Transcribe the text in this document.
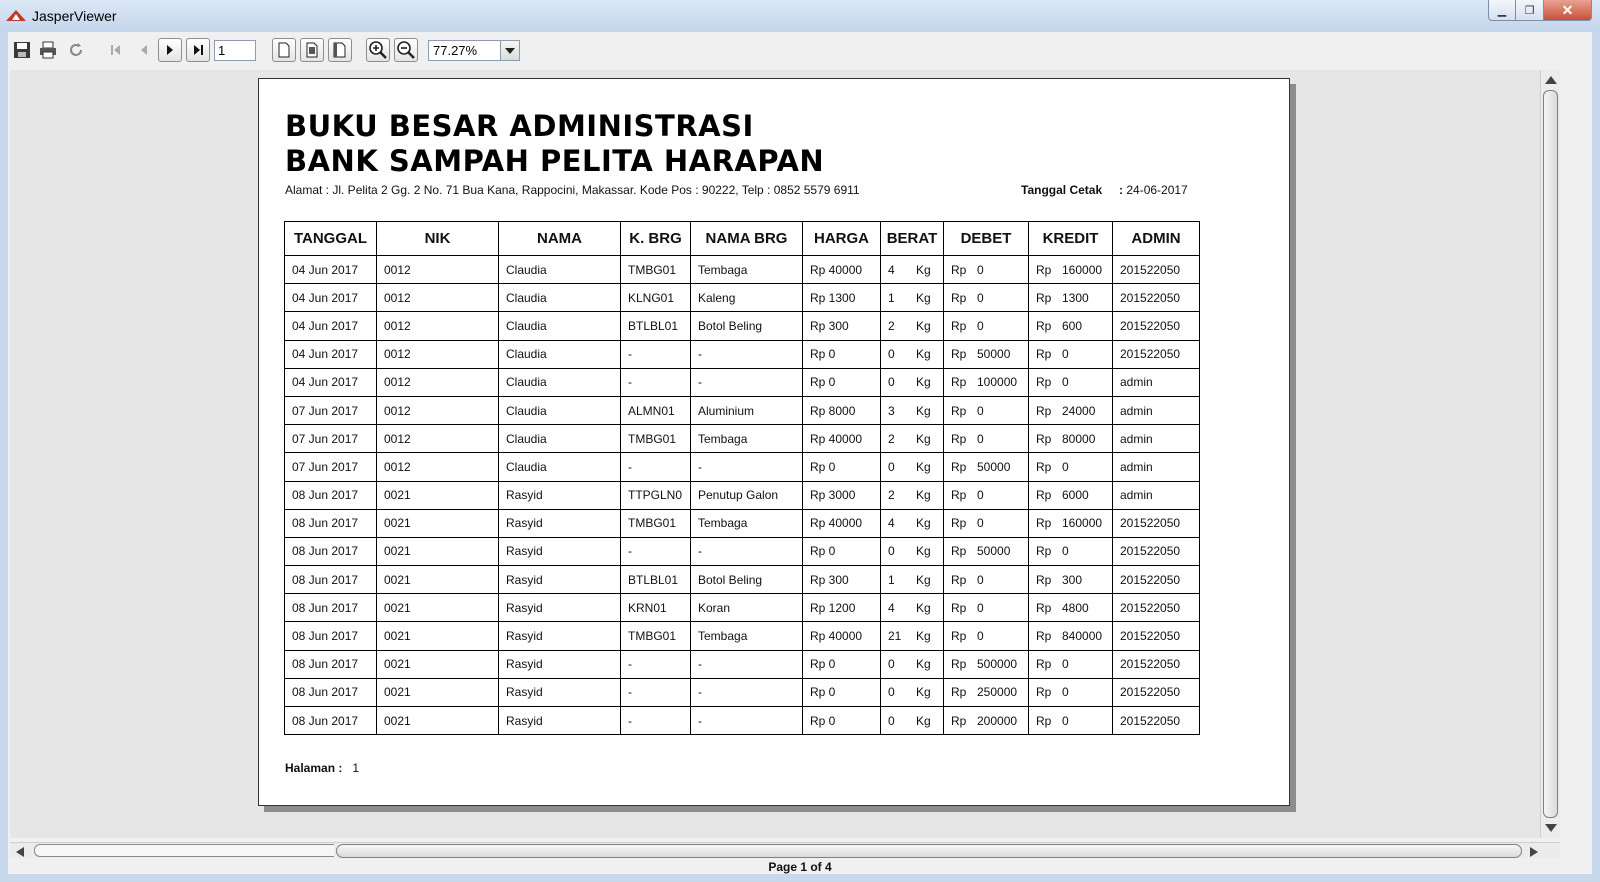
JasperViewer	▁ ❐ ✕
1
77.27%
BUKU BESAR ADMINISTRASI
BANK SAMPAH PELITA HARAPAN
Alamat : Jl. Pelita 2 Gg. 2 No. 71 Bua Kana, Rappocini, Makassar. Kode Pos : 90222, Telp : 0852 5579 6911	Tanggal Cetak : 24-06-2017
TANGGAL	NIK	NAMA	K. BRG	NAMA BRG	HARGA	BERAT	DEBET	KREDIT	ADMIN
04 Jun 2017	0012	Claudia	TMBG01	Tembaga	Rp 40000	4 Kg	Rp 0	Rp 160000	201522050
04 Jun 2017	0012	Claudia	KLNG01	Kaleng	Rp 1300	1 Kg	Rp 0	Rp 1300	201522050
04 Jun 2017	0012	Claudia	BTLBL01	Botol Beling	Rp 300	2 Kg	Rp 0	Rp 600	201522050
04 Jun 2017	0012	Claudia	-	-	Rp 0	0 Kg	Rp 50000	Rp 0	201522050
04 Jun 2017	0012	Claudia	-	-	Rp 0	0 Kg	Rp 100000	Rp 0	admin
07 Jun 2017	0012	Claudia	ALMN01	Aluminium	Rp 8000	3 Kg	Rp 0	Rp 24000	admin
07 Jun 2017	0012	Claudia	TMBG01	Tembaga	Rp 40000	2 Kg	Rp 0	Rp 80000	admin
07 Jun 2017	0012	Claudia	-	-	Rp 0	0 Kg	Rp 50000	Rp 0	admin
08 Jun 2017	0021	Rasyid	TTPGLN0	Penutup Galon	Rp 3000	2 Kg	Rp 0	Rp 6000	admin
08 Jun 2017	0021	Rasyid	TMBG01	Tembaga	Rp 40000	4 Kg	Rp 0	Rp 160000	201522050
08 Jun 2017	0021	Rasyid	-	-	Rp 0	0 Kg	Rp 50000	Rp 0	201522050
08 Jun 2017	0021	Rasyid	BTLBL01	Botol Beling	Rp 300	1 Kg	Rp 0	Rp 300	201522050
08 Jun 2017	0021	Rasyid	KRN01	Koran	Rp 1200	4 Kg	Rp 0	Rp 4800	201522050
08 Jun 2017	0021	Rasyid	TMBG01	Tembaga	Rp 40000	21 Kg	Rp 0	Rp 840000	201522050
08 Jun 2017	0021	Rasyid	-	-	Rp 0	0 Kg	Rp 500000	Rp 0	201522050
08 Jun 2017	0021	Rasyid	-	-	Rp 0	0 Kg	Rp 250000	Rp 0	201522050
08 Jun 2017	0021	Rasyid	-	-	Rp 0	0 Kg	Rp 200000	Rp 0	201522050
Halaman : 1
Page 1 of 4
